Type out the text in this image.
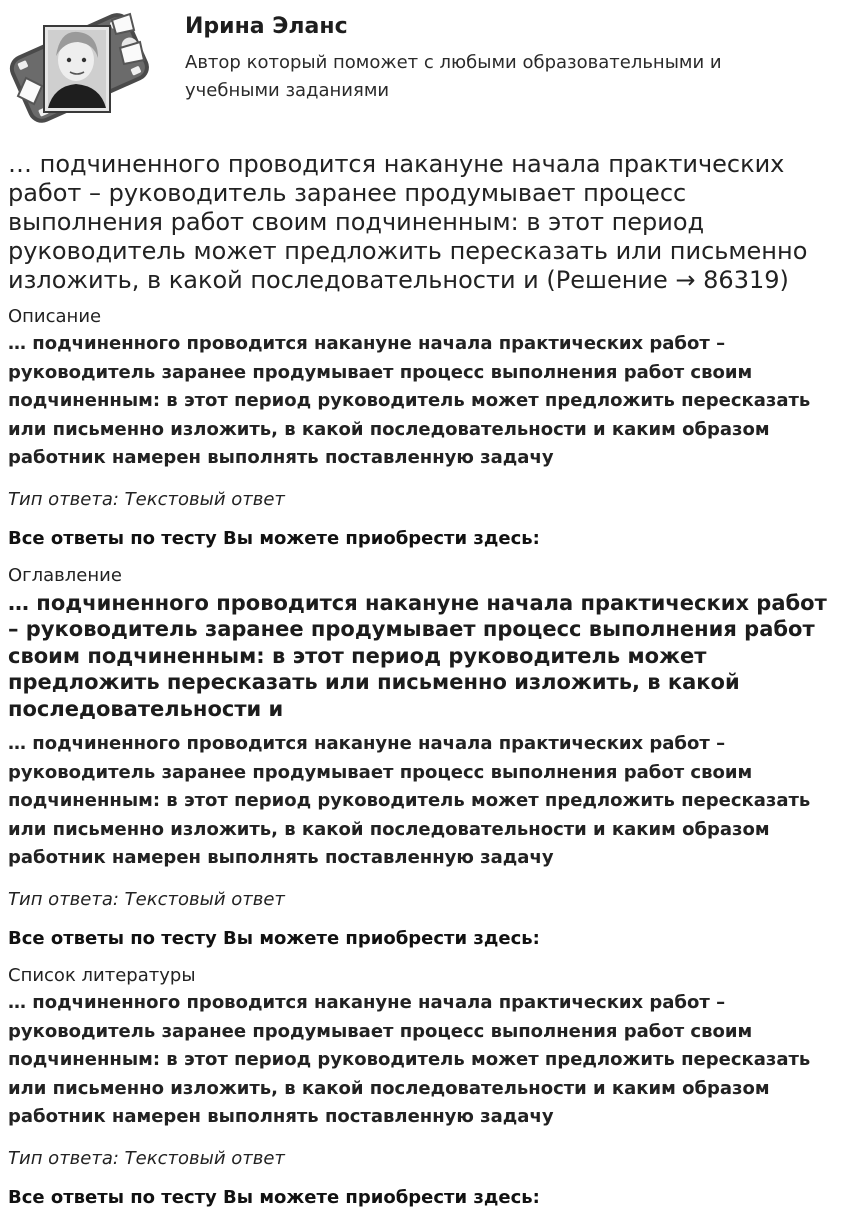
Ирина Эланс
Автор который поможет с любыми образовательными и учебными заданиями
… подчиненного проводится накануне начала практических работ – руководитель заранее продумывает процесс выполнения работ своим подчиненным: в этот период руководитель может предложить пересказать или письменно изложить, в какой последовательности и (Решение → 86319)
Описание
… подчиненного проводится накануне начала практических работ – руководитель заранее продумывает процесс выполнения работ своим подчиненным: в этот период руководитель может предложить пересказать или письменно изложить, в какой последовательности и каким образом работник намерен выполнять поставленную задачу
Тип ответа: Текстовый ответ
Все ответы по тесту Вы можете приобрести здесь:
Оглавление
… подчиненного проводится накануне начала практических работ – руководитель заранее продумывает процесс выполнения работ своим подчиненным: в этот период руководитель может предложить пересказать или письменно изложить, в какой последовательности и
… подчиненного проводится накануне начала практических работ – руководитель заранее продумывает процесс выполнения работ своим подчиненным: в этот период руководитель может предложить пересказать или письменно изложить, в какой последовательности и каким образом работник намерен выполнять поставленную задачу
Тип ответа: Текстовый ответ
Все ответы по тесту Вы можете приобрести здесь:
Список литературы
… подчиненного проводится накануне начала практических работ – руководитель заранее продумывает процесс выполнения работ своим подчиненным: в этот период руководитель может предложить пересказать или письменно изложить, в какой последовательности и каким образом работник намерен выполнять поставленную задачу
Тип ответа: Текстовый ответ
Все ответы по тесту Вы можете приобрести здесь:
